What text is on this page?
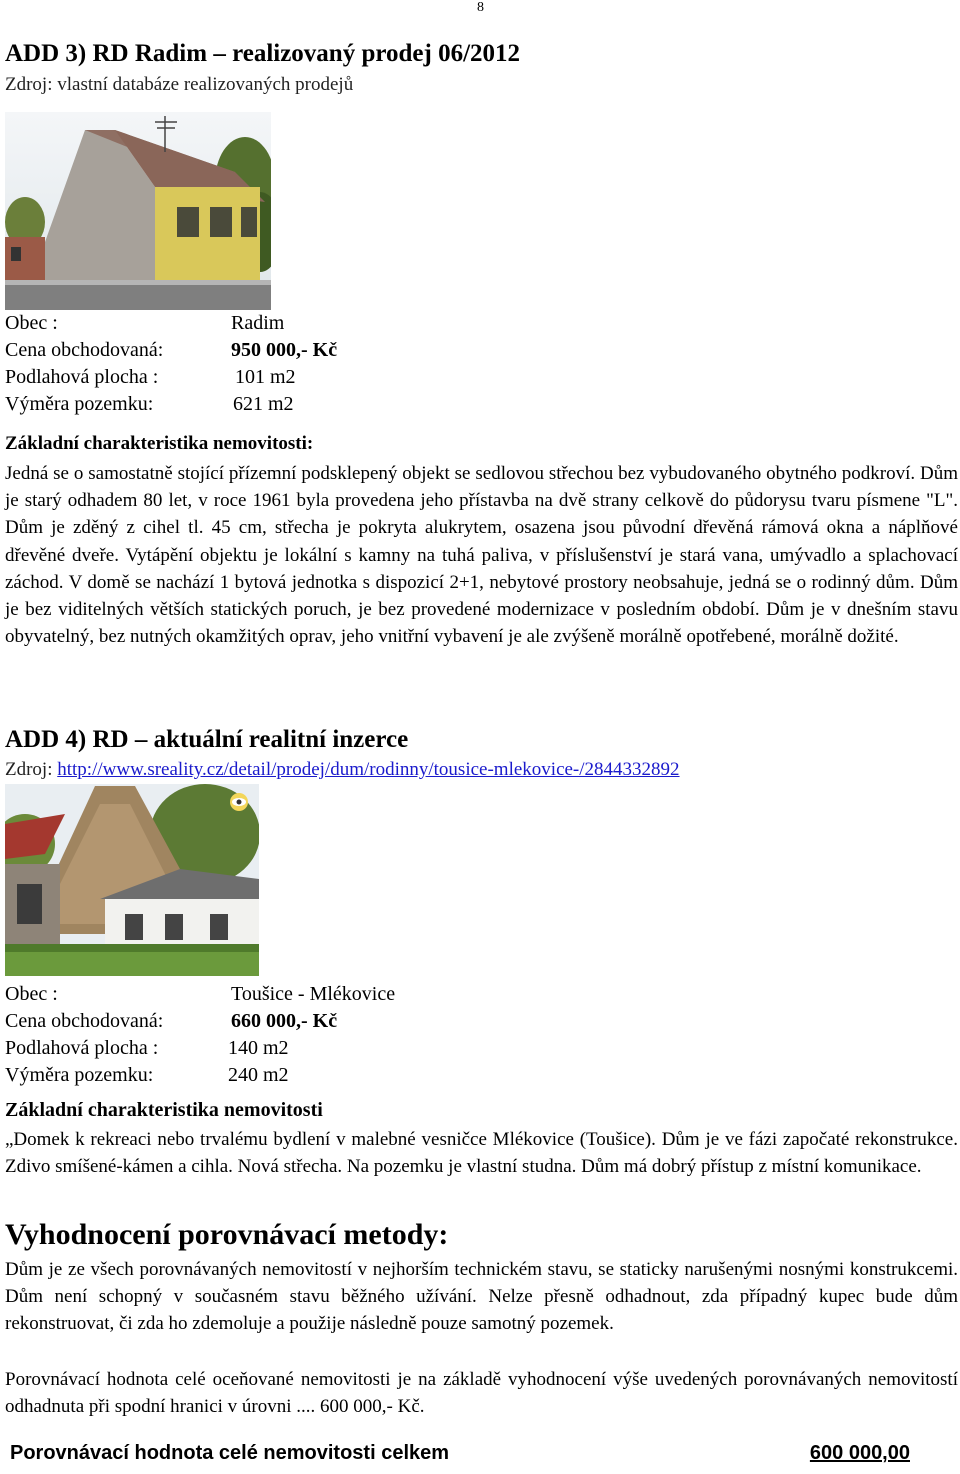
8
ADD 3) RD Radim – realizovaný prodej 06/2012
Zdroj: vlastní databáze realizovaných prodejů
Obec :	Radim
Cena obchodovaná:	950 000,- Kč
Podlahová plocha :	101 m2
Výměra pozemku:	621 m2
Základní charakteristika nemovitosti:

Jedná se o samostatně stojící přízemní podsklepený objekt se sedlovou střechou bez vybudovaného obytného podkroví. Dům je starý odhadem 80 let, v roce 1961 byla provedena jeho přístavba na dvě strany celkově do půdorysu tvaru písmene "L". Dům je zděný z cihel tl. 45 cm, střecha je pokryta alukrytem, osazena jsou původní dřevěná rámová okna a náplňové dřevěné dveře. Vytápění objektu je lokální s kamny na tuhá paliva, v příslušenství je stará vana, umývadlo a splachovací záchod. V domě se nachází 1 bytová jednotka s dispozicí 2+1, nebytové prostory neobsahuje, jedná se o rodinný dům. Dům je bez viditelných větších statických poruch, je bez provedené modernizace v posledním období. Dům je v dnešním stavu obyvatelný, bez nutných okamžitých oprav, jeho vnitřní vybavení je ale zvýšeně morálně opotřebené, morálně dožité.

ADD 4) RD – aktuální realitní inzerce
Zdroj: http://www.sreality.cz/detail/prodej/dum/rodinny/tousice-mlekovice-/2844332892
Obec :	Toušice - Mlékovice
Cena obchodovaná:	660 000,- Kč
Podlahová plocha :	140 m2
Výměra pozemku:	240 m2
Základní charakteristika nemovitosti

„Domek k rekreaci nebo trvalému bydlení v malebné vesničce Mlékovice (Toušice). Dům je ve fázi započaté rekonstrukce. Zdivo smíšené-kámen a cihla. Nová střecha. Na pozemku je vlastní studna. Dům má dobrý přístup z místní komunikace.

Vyhodnocení porovnávací metody:

Dům je ze všech porovnávaných nemovitostí v nejhorším technickém stavu, se staticky narušenými nosnými konstrukcemi. Dům není schopný v současném stavu běžného užívání. Nelze přesně odhadnout, zda případný kupec bude dům rekonstruovat, či zda ho zdemoluje a použije následně pouze samotný pozemek.

Porovnávací hodnota celé oceňované nemovitosti je na základě vyhodnocení výše uvedených porovnávaných nemovitostí odhadnuta při spodní hranici v úrovni .... 600 000,- Kč.

Porovnávací hodnota celé nemovitosti celkem	600 000,00
